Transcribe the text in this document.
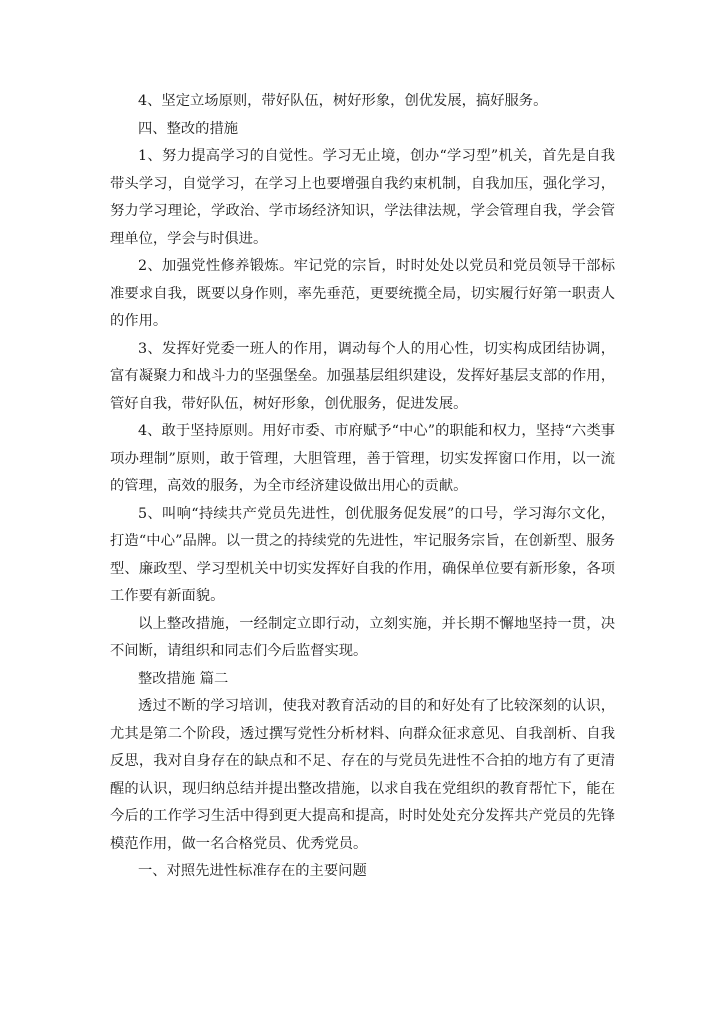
4、坚定立场原则，带好队伍，树好形象，创优发展，搞好服务。

四、整改的措施

1、努力提高学习的自觉性。学习无止境，创办“学习型”机关，首先是自我带头学习，自觉学习，在学习上也要增强自我约束机制，自我加压，强化学习，努力学习理论，学政治、学市场经济知识，学法律法规，学会管理自我，学会管理单位，学会与时俱进。

2、加强党性修养锻炼。牢记党的宗旨，时时处处以党员和党员领导干部标准要求自我，既要以身作则，率先垂范，更要统揽全局，切实履行好第一职责人的作用。

3、发挥好党委一班人的作用，调动每个人的用心性，切实构成团结协调，富有凝聚力和战斗力的坚强堡垒。加强基层组织建设，发挥好基层支部的作用，管好自我，带好队伍，树好形象，创优服务，促进发展。

4、敢于坚持原则。用好市委、市府赋予“中心”的职能和权力，坚持“六类事项办理制”原则，敢于管理，大胆管理，善于管理，切实发挥窗口作用，以一流的管理，高效的服务，为全市经济建设做出用心的贡献。

5、叫响“持续共产党员先进性，创优服务促发展”的口号，学习海尔文化，打造“中心”品牌。以一贯之的持续党的先进性，牢记服务宗旨，在创新型、服务型、廉政型、学习型机关中切实发挥好自我的作用，确保单位要有新形象，各项工作要有新面貌。

以上整改措施，一经制定立即行动，立刻实施，并长期不懈地坚持一贯，决不间断，请组织和同志们今后监督实现。

整改措施 篇二

透过不断的学习培训，使我对教育活动的目的和好处有了比较深刻的认识，尤其是第二个阶段，透过撰写党性分析材料、向群众征求意见、自我剖析、自我反思，我对自身存在的缺点和不足、存在的与党员先进性不合拍的地方有了更清醒的认识，现归纳总结并提出整改措施，以求自我在党组织的教育帮忙下，能在今后的工作学习生活中得到更大提高和提高，时时处处充分发挥共产党员的先锋模范作用，做一名合格党员、优秀党员。

一、对照先进性标准存在的主要问题
